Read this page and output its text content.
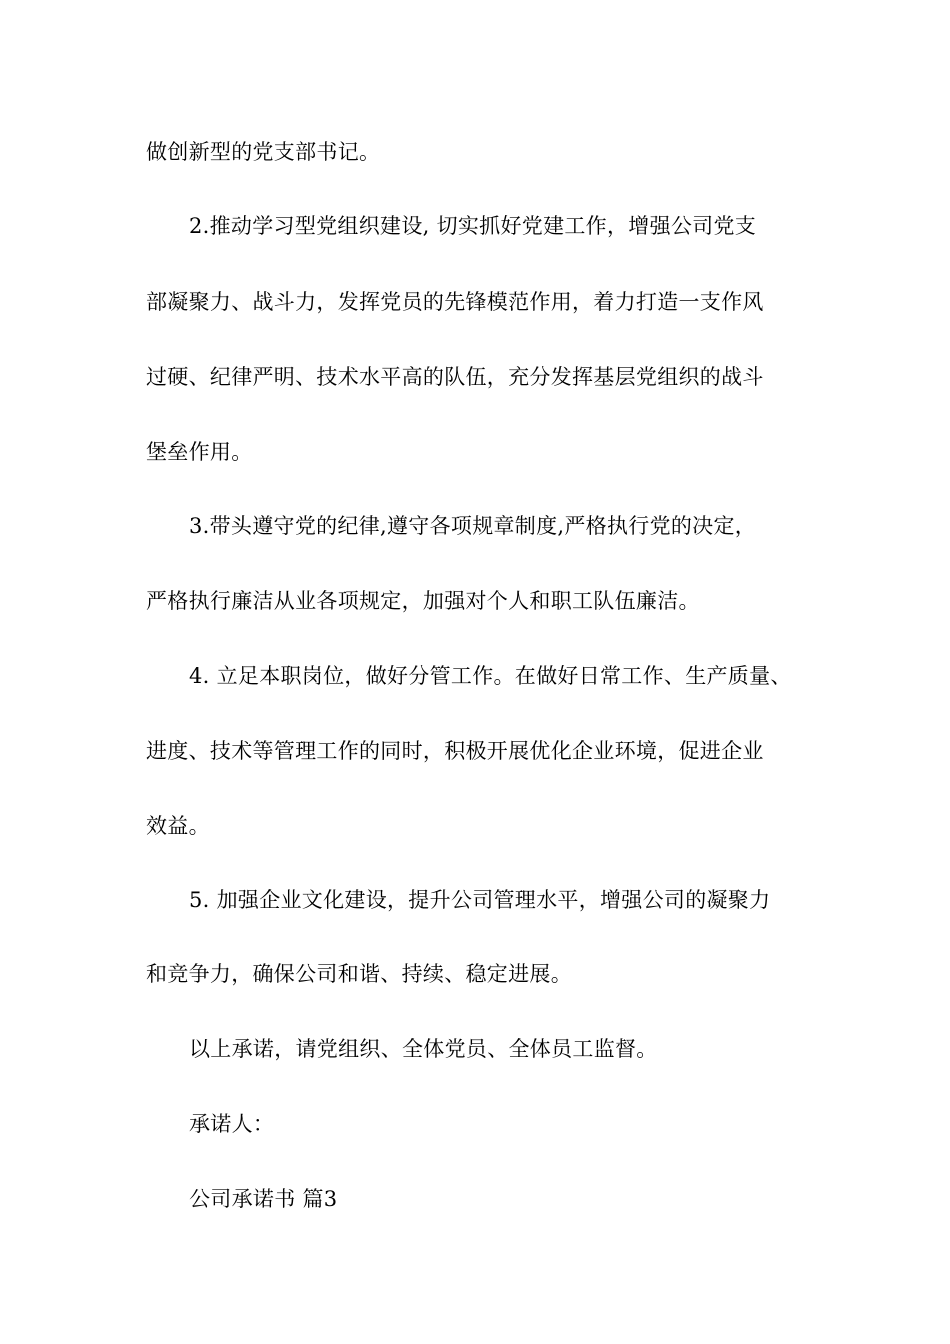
做创新型的党支部书记。
2.推动学习型党组织建设, 切实抓好党建工作，增强公司党支
部凝聚力、战斗力，发挥党员的先锋模范作用，着力打造一支作风
过硬、纪律严明、技术水平高的队伍，充分发挥基层党组织的战斗
堡垒作用。
3.带头遵守党的纪律,遵守各项规章制度,严格执行党的决定，
严格执行廉洁从业各项规定，加强对个人和职工队伍廉洁。
4. 立足本职岗位，做好分管工作。在做好日常工作、生产质量、
进度、技术等管理工作的同时，积极开展优化企业环境，促进企业
效益。
5. 加强企业文化建设，提升公司管理水平，增强公司的凝聚力
和竞争力，确保公司和谐、持续、稳定进展。
以上承诺，请党组织、全体党员、全体员工监督。
承诺人：
公司承诺书 篇3
